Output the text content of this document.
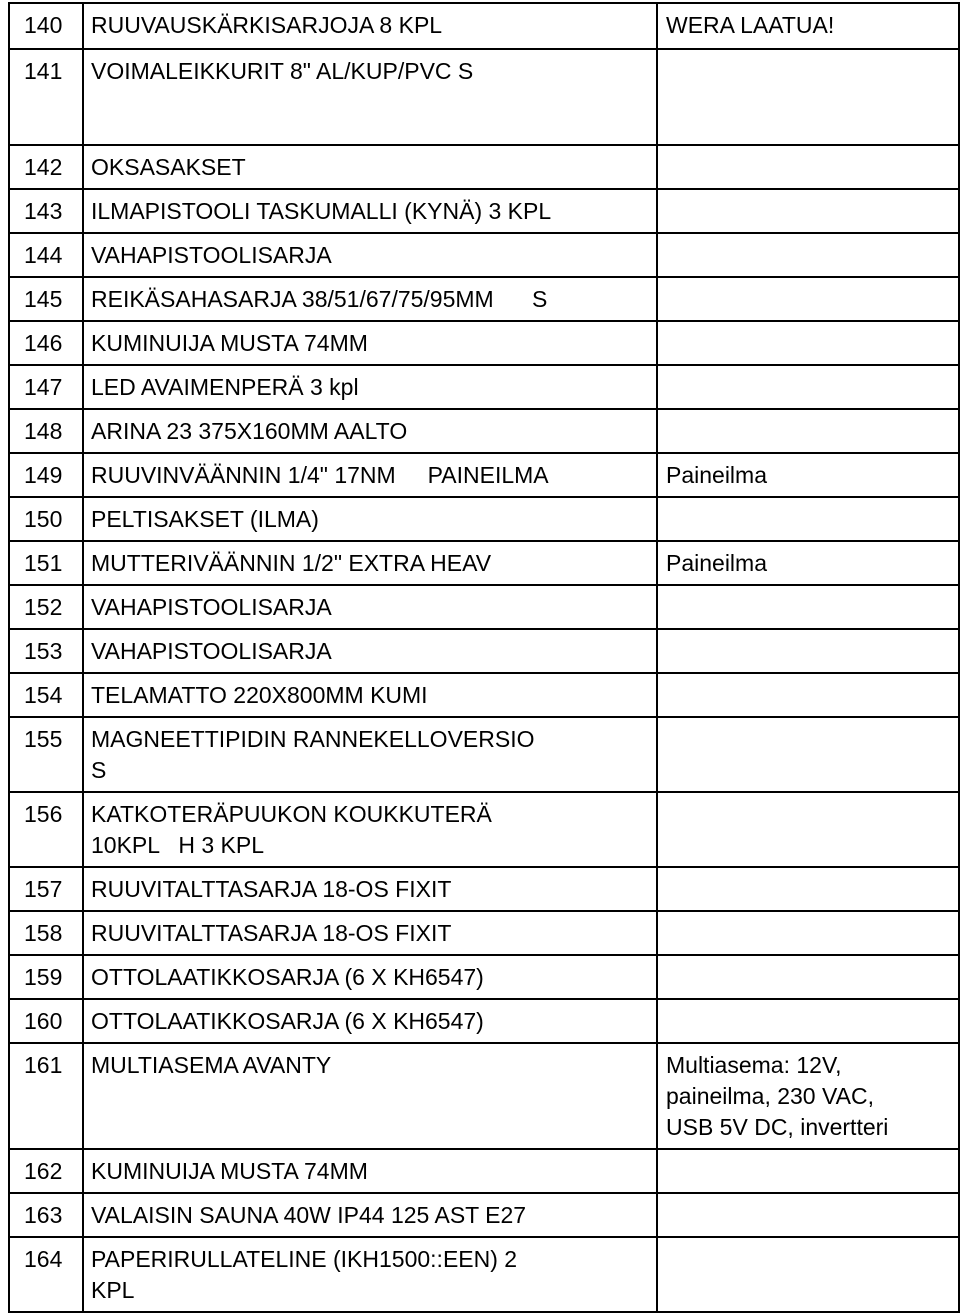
140	RUUVAUSKÄRKISARJOJA 8 KPL	WERA LAATUA!

141	VOIMALEIKKURIT 8" AL/KUP/PVC S	

142	OKSASAKSET	

143	ILMAPISTOOLI TASKUMALLI (KYNÄ) 3 KPL	

144	VAHAPISTOOLISARJA	

145	REIKÄSAHASARJA 38/51/67/75/95MM      S	

146	KUMINUIJA MUSTA 74MM	

147	LED AVAIMENPERÄ 3 kpl	

148	ARINA 23 375X160MM AALTO	

149	RUUVINVÄÄNNIN 1/4" 17NM     PAINEILMA	Paineilma

150	PELTISAKSET (ILMA)	

151	MUTTERIVÄÄNNIN 1/2" EXTRA HEAV	Paineilma

152	VAHAPISTOOLISARJA	

153	VAHAPISTOOLISARJA	

154	TELAMATTO 220X800MM KUMI	

155	MAGNEETTIPIDIN RANNEKELLOVERSIO
S	

156	KATKOTERÄPUUKON KOUKKUTERÄ
10KPL   H 3 KPL	

157	RUUVITALTTASARJA 18-OS FIXIT	

158	RUUVITALTTASARJA 18-OS FIXIT	

159	OTTOLAATIKKOSARJA (6 X KH6547)	

160	OTTOLAATIKKOSARJA (6 X KH6547)	

161	MULTIASEMA AVANTY	Multiasema: 12V,
paineilma, 230 VAC,
USB 5V DC, invertteri

162	KUMINUIJA MUSTA 74MM	

163	VALAISIN SAUNA 40W IP44 125 AST E27	

164	PAPERIRULLATELINE (IKH1500::EEN) 2
KPL	
